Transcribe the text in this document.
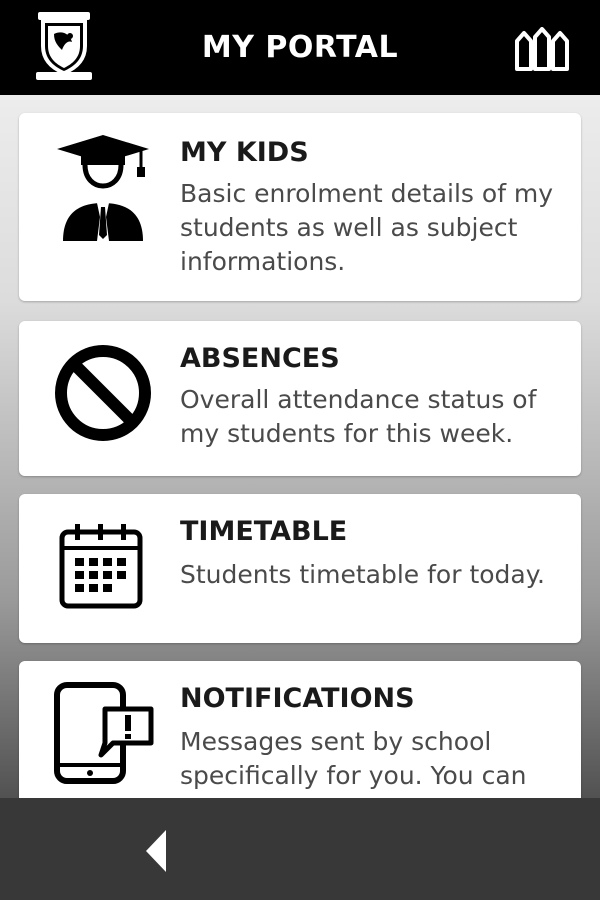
MY PORTAL
MY KIDS
Basic enrolment details of my students as well as subject informations.
ABSENCES
Overall attendance status of my students for this week.
TIMETABLE
Students timetable for today.
NOTIFICATIONS
Messages sent by school specifically for you. You can
